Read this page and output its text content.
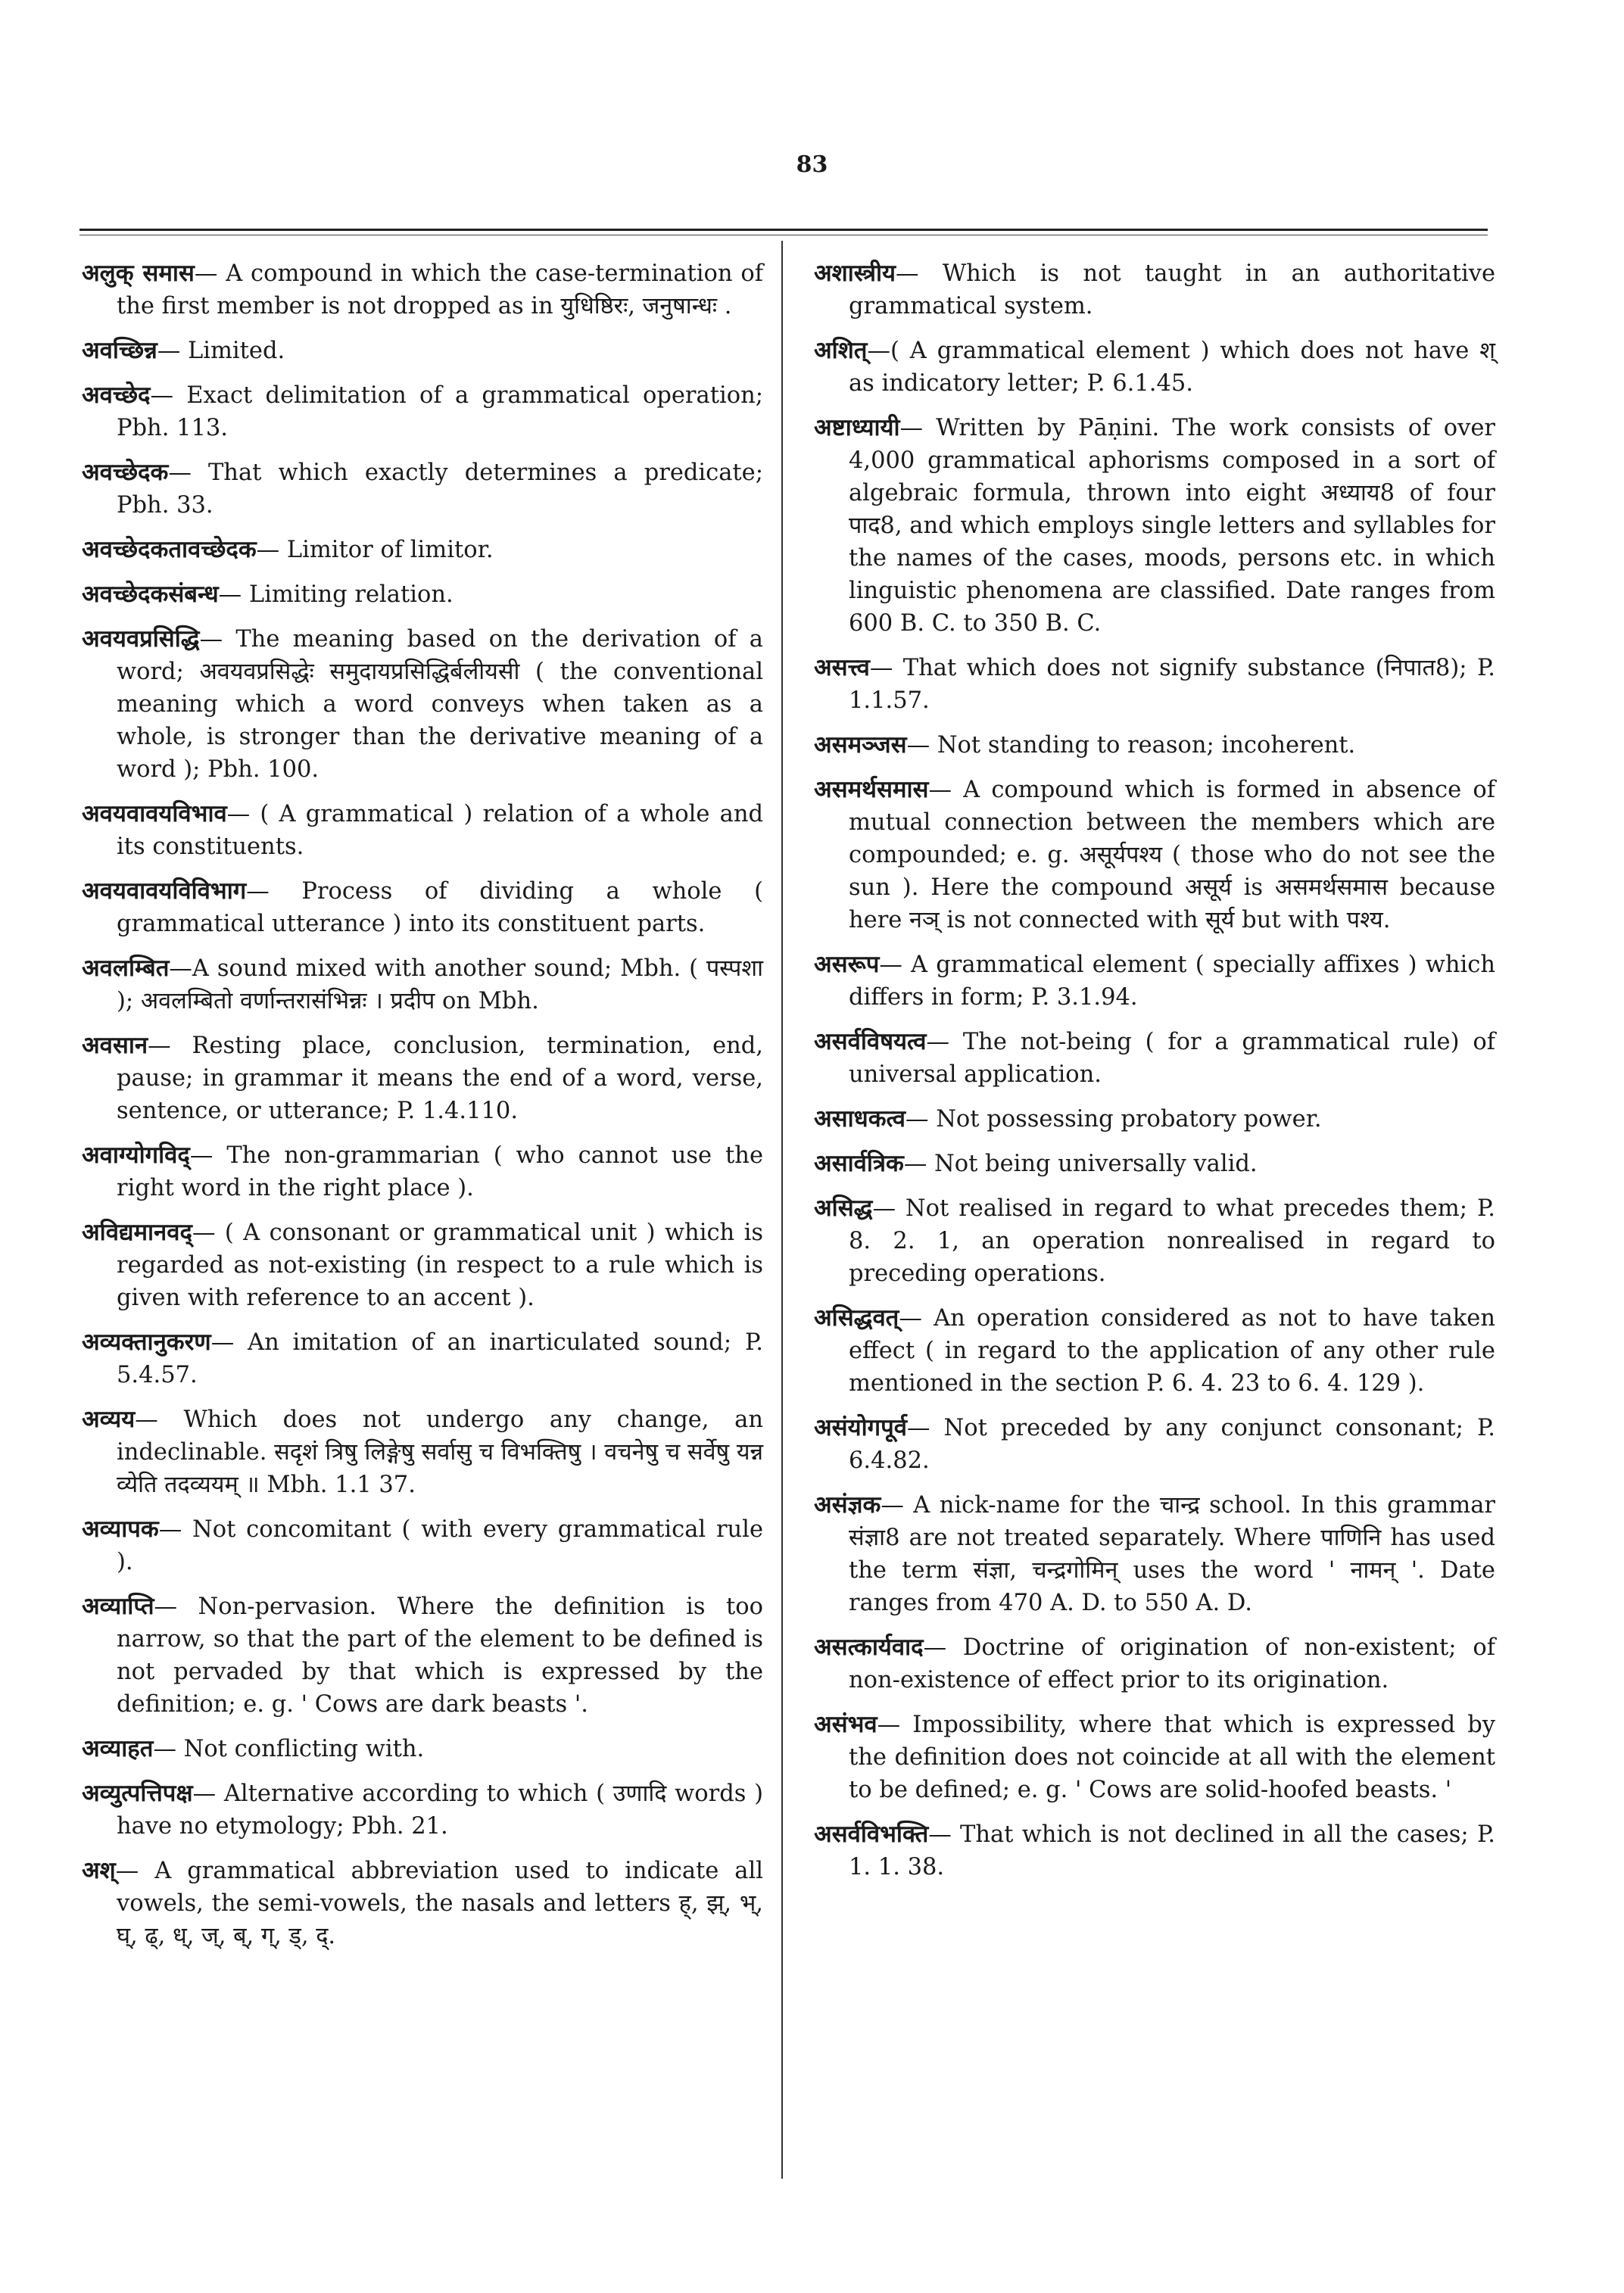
83
अलुक् समास— A compound in which the case-termination of the first member is not dropped as in युधिष्ठिरः, जनुषान्धः .
अवच्छिन्न— Limited.
अवच्छेद— Exact delimitation of a grammatical operation; Pbh. 113.
अवच्छेदक— That which exactly determines a predicate; Pbh. 33.
अवच्छेदकतावच्छेदक— Limitor of limitor.
अवच्छेदकसंबन्ध— Limiting relation.
अवयवप्रसिद्धि— The meaning based on the derivation of a word; अवयवप्रसिद्धेः समुदायप्रसिद्धिर्बलीयसी ( the conventional meaning which a word conveys when taken as a whole, is stronger than the derivative meaning of a word ); Pbh. 100.
अवयवावयविभाव— ( A grammatical ) relation of a whole and its constituents.
अवयवावयविविभाग— Process of dividing a whole ( grammatical utterance ) into its constituent parts.
अवलम्बित—A sound mixed with another sound; Mbh. ( पस्पशा ); अवलम्बितो वर्णान्तरासंभिन्नः । प्रदीप on Mbh.
अवसान— Resting place, conclusion, termination, end, pause; in grammar it means the end of a word, verse, sentence, or utterance; P. 1.4.110.
अवाग्योगविद्— The non-grammarian ( who cannot use the right word in the right place ).
अविद्यमानवद्— ( A consonant or grammatical unit ) which is regarded as not-existing (in respect to a rule which is given with reference to an accent ).
अव्यक्तानुकरण— An imitation of an inarticulated sound; P. 5.4.57.
अव्यय— Which does not undergo any change, an indeclinable. सदृशं त्रिषु लिङ्गेषु सर्वासु च विभक्तिषु । वचनेषु च सर्वेषु यन्न व्येति तदव्ययम् ॥ Mbh. 1.1 37.
अव्यापक— Not concomitant ( with every grammatical rule ).
अव्याप्ति— Non-pervasion. Where the definition is too narrow, so that the part of the element to be defined is not pervaded by that which is expressed by the definition; e. g. ' Cows are dark beasts '.
अव्याहत— Not conflicting with.
अव्युत्पत्तिपक्ष— Alternative according to which ( उणादि words ) have no etymology; Pbh. 21.
अश्— A grammatical abbreviation used to indicate all vowels, the semi-vowels, the nasals and letters ह्, झ्, भ्, घ्, ढ्, ध्, ज्, ब्, ग्, ड्, द्.
अशास्त्रीय— Which is not taught in an authoritative grammatical system.
अशित्—( A grammatical element ) which does not have श् as indicatory letter; P. 6.1.45.
अष्टाध्यायी— Written by Pāṇini. The work consists of over 4,000 grammatical aphorisms composed in a sort of algebraic formula, thrown into eight अध्याय8 of four पाद8, and which employs single letters and syllables for the names of the cases, moods, persons etc. in which linguistic phenomena are classified. Date ranges from 600 B. C. to 350 B. C.
असत्त्व— That which does not signify substance (निपात8); P. 1.1.57.
असमञ्जस— Not standing to reason; incoherent.
असमर्थसमास— A compound which is formed in absence of mutual connection between the members which are compounded; e. g. असूर्यपश्य ( those who do not see the sun ). Here the compound असूर्य is असमर्थसमास because here नञ् is not connected with सूर्य but with पश्य.
असरूप— A grammatical element ( specially affixes ) which differs in form; P. 3.1.94.
असर्वविषयत्व— The not-being ( for a grammatical rule) of universal application.
असाधकत्व— Not possessing probatory power.
असार्वत्रिक— Not being universally valid.
असिद्ध— Not realised in regard to what precedes them; P. 8. 2. 1, an operation nonrealised in regard to preceding operations.
असिद्धवत्— An operation considered as not to have taken effect ( in regard to the application of any other rule mentioned in the section P. 6. 4. 23 to 6. 4. 129 ).
असंयोगपूर्व— Not preceded by any conjunct consonant; P. 6.4.82.
असंज्ञक— A nick-name for the चान्द्र school. In this grammar संज्ञा8 are not treated separately. Where पाणिनि has used the term संज्ञा, चन्द्रगोमिन् uses the word ' नामन् '. Date ranges from 470 A. D. to 550 A. D.
असत्कार्यवाद— Doctrine of origination of non-existent; of non-existence of effect prior to its origination.
असंभव— Impossibility, where that which is expressed by the definition does not coincide at all with the element to be defined; e. g. ' Cows are solid-hoofed beasts. '
असर्वविभक्ति— That which is not declined in all the cases; P. 1. 1. 38.
